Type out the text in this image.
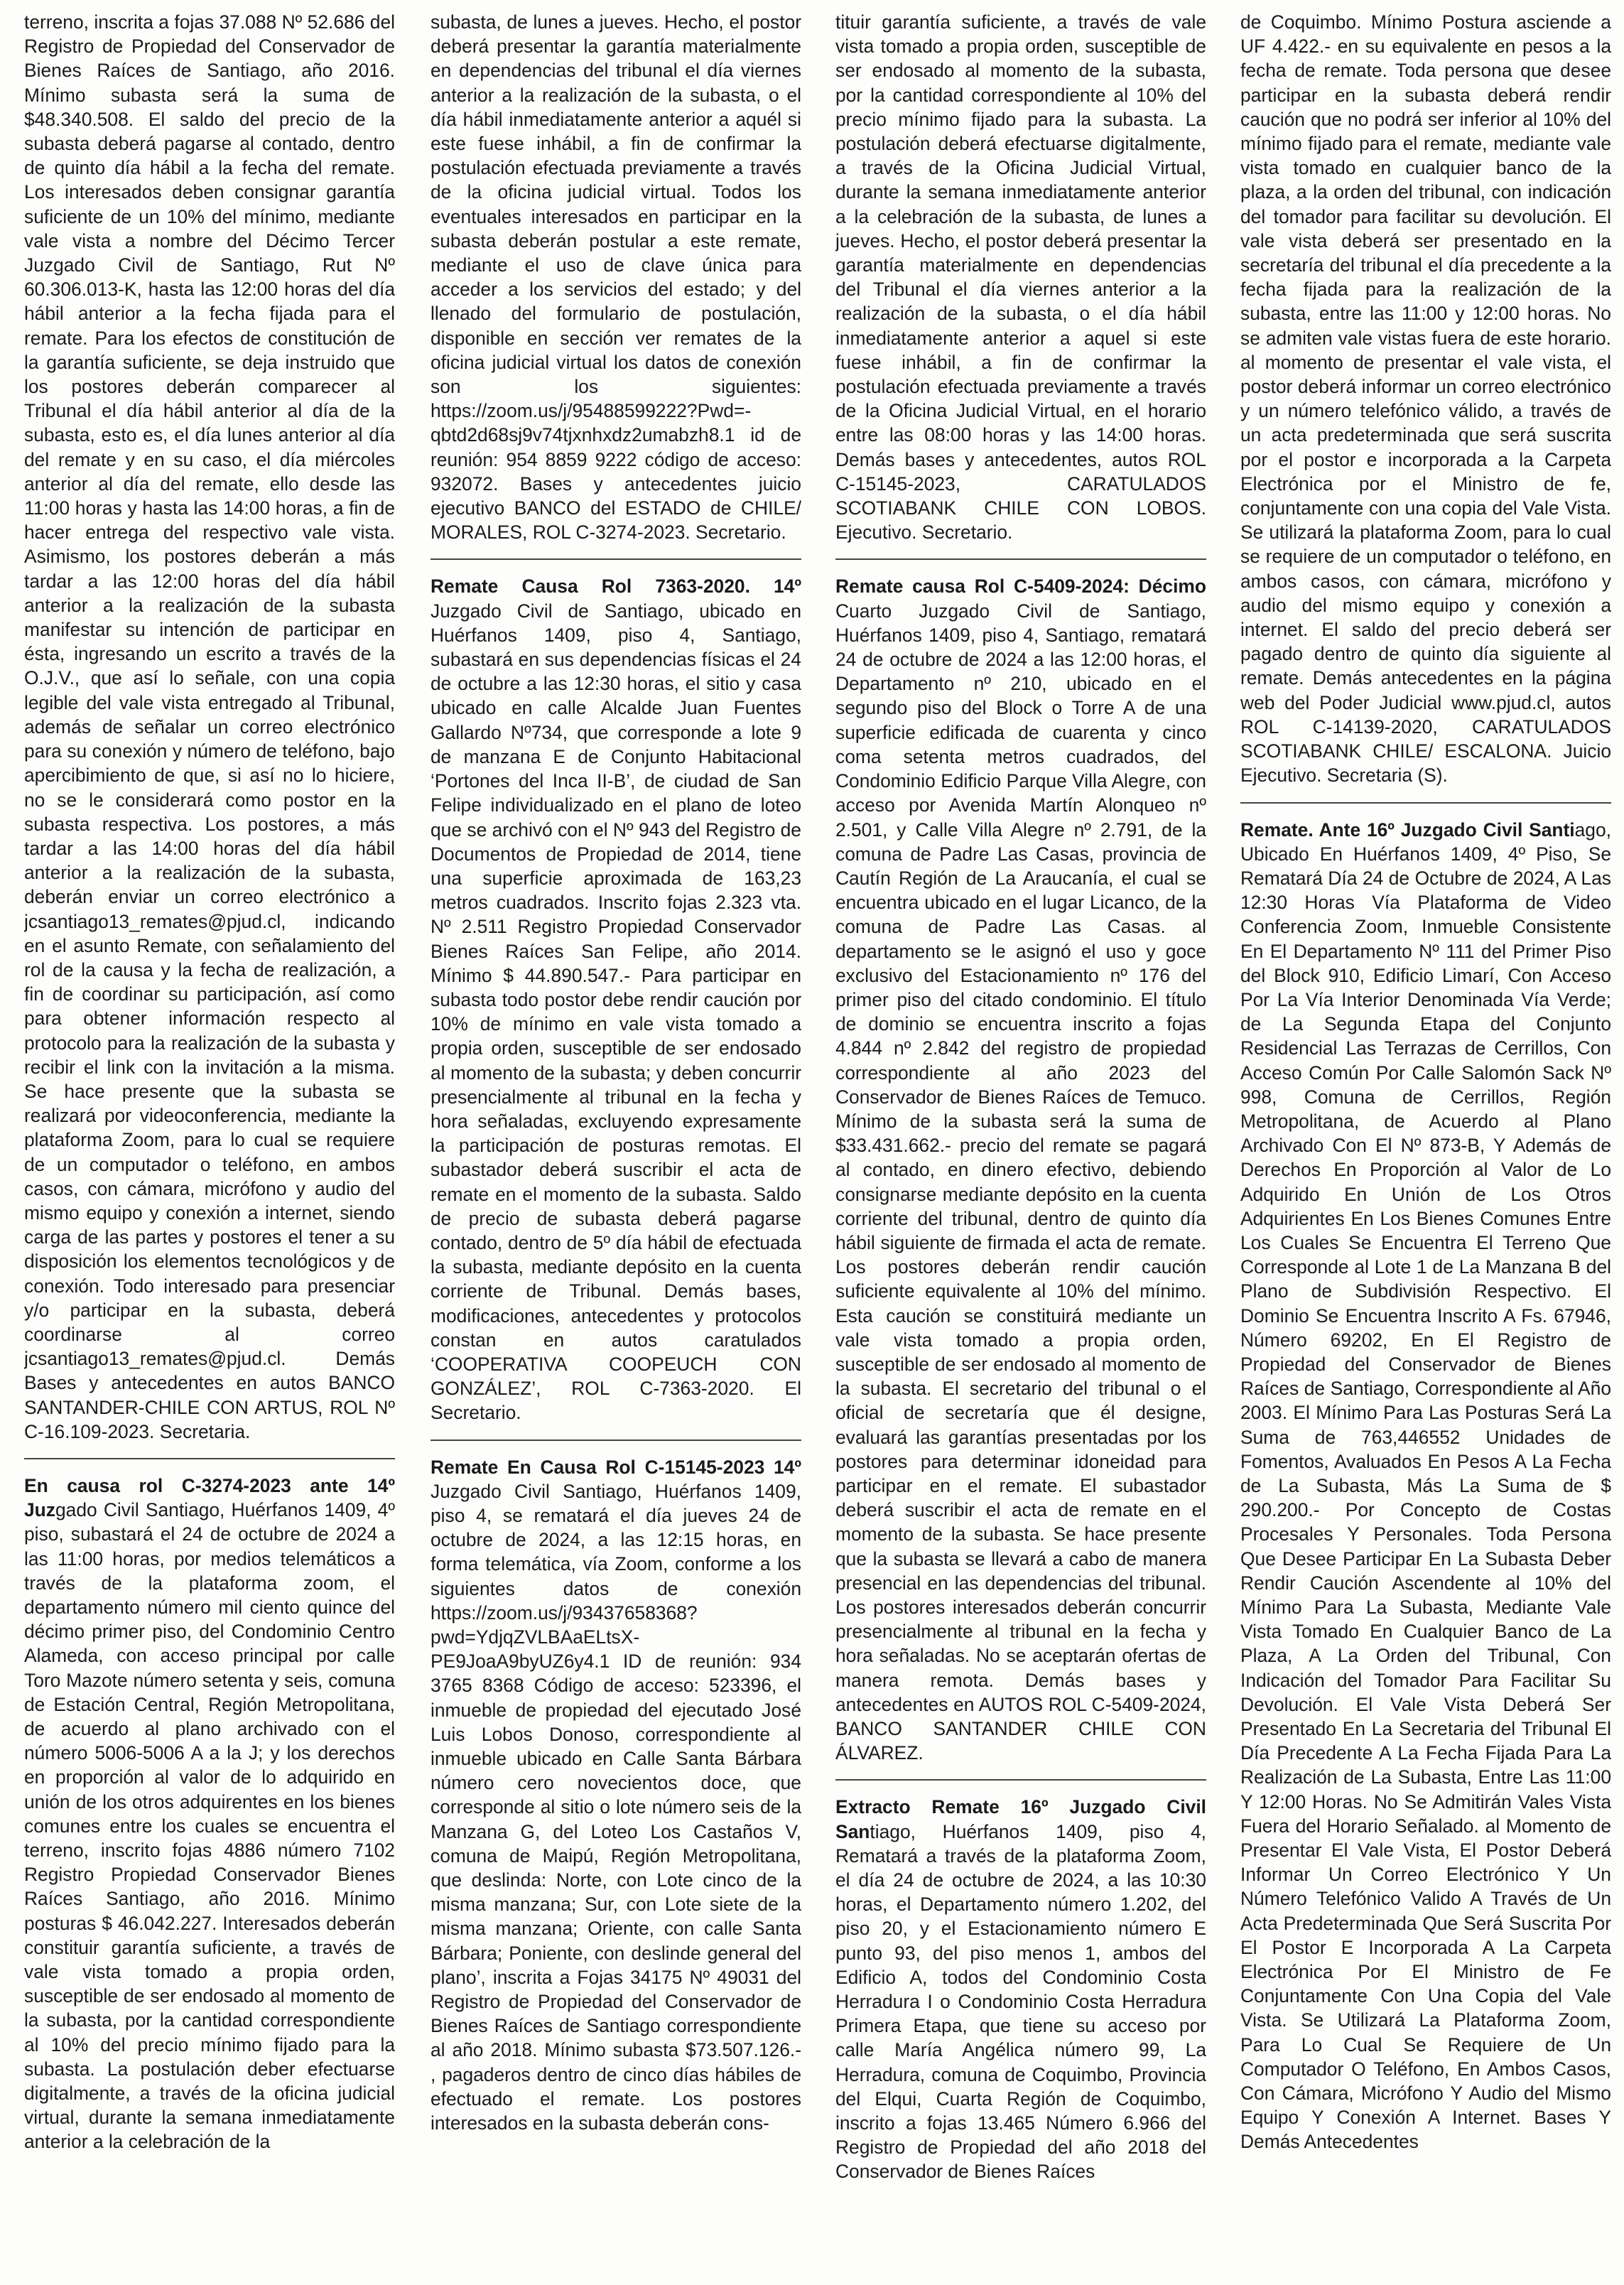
terreno, inscrita a fojas 37.088 Nº 52.686 del Registro de Propiedad del Conservador de Bienes Raíces de Santiago, año 2016. Mínimo subasta será la suma de $48.340.508. El saldo del precio de la subasta deberá pagarse al contado, dentro de quinto día hábil a la fecha del remate. Los interesados deben consignar garantía suficiente de un 10% del mínimo, mediante vale vista a nombre del Décimo Tercer Juzgado Civil de Santiago, Rut Nº 60.306.013-K, hasta las 12:00 horas del día hábil anterior a la fecha fijada para el remate. Para los efectos de constitución de la garantía suficiente, se deja instruido que los postores deberán comparecer al Tribunal el día hábil anterior al día de la subasta, esto es, el día lunes anterior al día del remate y en su caso, el día miércoles anterior al día del remate, ello desde las 11:00 horas y hasta las 14:00 horas, a fin de hacer entrega del respectivo vale vista. Asimismo, los postores deberán a más tardar a las 12:00 horas del día hábil anterior a la realización de la subasta manifestar su intención de participar en ésta, ingresando un escrito a través de la O.J.V., que así lo señale, con una copia legible del vale vista entregado al Tribunal, además de señalar un correo electrónico para su conexión y número de teléfono, bajo apercibimiento de que, si así no lo hiciere, no se le considerará como postor en la subasta respectiva. Los postores, a más tardar a las 14:00 horas del día hábil anterior a la realización de la subasta, deberán enviar un correo electrónico a jcsantiago13_remates@pjud.cl, indicando en el asunto Remate, con señalamiento del rol de la causa y la fecha de realización, a fin de coordinar su participación, así como para obtener información respecto al protocolo para la realización de la subasta y recibir el link con la invitación a la misma. Se hace presente que la subasta se realizará por videoconferencia, mediante la plataforma Zoom, para lo cual se requiere de un computador o teléfono, en ambos casos, con cámara, micrófono y audio del mismo equipo y conexión a internet, siendo carga de las partes y postores el tener a su disposición los elementos tecnológicos y de conexión. Todo interesado para presenciar y/o participar en la subasta, deberá coordinarse al correo jcsantiago13_remates@pjud.cl. Demás Bases y antecedentes en autos BANCO SANTANDER-CHILE CON ARTUS, ROL Nº C-16.109-2023. Secretaria.

En causa rol C-3274-2023 ante 14º Juzgado Civil Santiago, Huérfanos 1409, 4º piso, subastará el 24 de octubre de 2024 a las 11:00 horas, por medios telemáticos a través de la plataforma zoom, el departamento número mil ciento quince del décimo primer piso, del Condominio Centro Alameda, con acceso principal por calle Toro Mazote número setenta y seis, comuna de Estación Central, Región Metropolitana, de acuerdo al plano archivado con el número 5006-5006 A a la J; y los derechos en proporción al valor de lo adquirido en unión de los otros adquirentes en los bienes comunes entre los cuales se encuentra el terreno, inscrito fojas 4886 número 7102 Registro Propiedad Conservador Bienes Raíces Santiago, año 2016. Mínimo posturas $ 46.042.227. Interesados deberán constituir garantía suficiente, a través de vale vista tomado a propia orden, susceptible de ser endosado al momento de la subasta, por la cantidad correspondiente al 10% del precio mínimo fijado para la subasta. La postulación deber efectuarse digitalmente, a través de la oficina judicial virtual, durante la semana inmediatamente anterior a la celebración de la

subasta, de lunes a jueves. Hecho, el postor deberá presentar la garantía materialmente en dependencias del tribunal el día viernes anterior a la realización de la subasta, o el día hábil inmediatamente anterior a aquél si este fuese inhábil, a fin de confirmar la postulación efectuada previamente a través de la oficina judicial virtual. Todos los eventuales interesados en participar en la subasta deberán postular a este remate, mediante el uso de clave única para acceder a los servicios del estado; y del llenado del formulario de postulación, disponible en sección ver remates de la oficina judicial virtual los datos de conexión son los siguientes: https://zoom.us/j/95488599222?Pwd=-qbtd2d68sj9v74tjxnhxdz2umabzh8.1 id de reunión: 954 8859 9222 código de acceso: 932072. Bases y antecedentes juicio ejecutivo BANCO del ESTADO de CHILE/ MORALES, ROL C-3274-2023. Secretario.

Remate Causa Rol 7363-2020. 14º Juzgado Civil de Santiago, ubicado en Huérfanos 1409, piso 4, Santiago, subastará en sus dependencias físicas el 24 de octubre a las 12:30 horas, el sitio y casa ubicado en calle Alcalde Juan Fuentes Gallardo Nº734, que corresponde a lote 9 de manzana E de Conjunto Habitacional ‘Portones del Inca II-B’, de ciudad de San Felipe individualizado en el plano de loteo que se archivó con el Nº 943 del Registro de Documentos de Propiedad de 2014, tiene una superficie aproximada de 163,23 metros cuadrados. Inscrito fojas 2.323 vta. Nº 2.511 Registro Propiedad Conservador Bienes Raíces San Felipe, año 2014. Mínimo $ 44.890.547.- Para participar en subasta todo postor debe rendir caución por 10% de mínimo en vale vista tomado a propia orden, susceptible de ser endosado al momento de la subasta; y deben concurrir presencialmente al tribunal en la fecha y hora señaladas, excluyendo expresamente la participación de posturas remotas. El subastador deberá suscribir el acta de remate en el momento de la subasta. Saldo de precio de subasta deberá pagarse contado, dentro de 5º día hábil de efectuada la subasta, mediante depósito en la cuenta corriente de Tribunal. Demás bases, modificaciones, antecedentes y protocolos constan en autos caratulados ‘COOPERATIVA COOPEUCH CON GONZÁLEZ’, ROL C-7363-2020. El Secretario.

Remate En Causa Rol C-15145-2023 14º Juzgado Civil Santiago, Huérfanos 1409, piso 4, se rematará el día jueves 24 de octubre de 2024, a las 12:15 horas, en forma telemática, vía Zoom, conforme a los siguientes datos de conexión https://zoom.us/j/93437658368?pwd=YdjqZVLBAaELtsX-PE9JoaA9byUZ6y4.1 ID de reunión: 934 3765 8368 Código de acceso: 523396, el inmueble de propiedad del ejecutado José Luis Lobos Donoso, correspondiente al inmueble ubicado en Calle Santa Bárbara número cero novecientos doce, que corresponde al sitio o lote número seis de la Manzana G, del Loteo Los Castaños V, comuna de Maipú, Región Metropolitana, que deslinda: Norte, con Lote cinco de la misma manzana; Sur, con Lote siete de la misma manzana; Oriente, con calle Santa Bárbara; Poniente, con deslinde general del plano’, inscrita a Fojas 34175 Nº 49031 del Registro de Propiedad del Conservador de Bienes Raíces de Santiago correspondiente al año 2018. Mínimo subasta $73.507.126.- , pagaderos dentro de cinco días hábiles de efectuado el remate. Los postores interesados en la subasta deberán cons-

tituir garantía suficiente, a través de vale vista tomado a propia orden, susceptible de ser endosado al momento de la subasta, por la cantidad correspondiente al 10% del precio mínimo fijado para la subasta. La postulación deberá efectuarse digitalmente, a través de la Oficina Judicial Virtual, durante la semana inmediatamente anterior a la celebración de la subasta, de lunes a jueves. Hecho, el postor deberá presentar la garantía materialmente en dependencias del Tribunal el día viernes anterior a la realización de la subasta, o el día hábil inmediatamente anterior a aquel si este fuese inhábil, a fin de confirmar la postulación efectuada previamente a través de la Oficina Judicial Virtual, en el horario entre las 08:00 horas y las 14:00 horas. Demás bases y antecedentes, autos ROL C-15145-2023, CARATULADOS SCOTIABANK CHILE CON LOBOS. Ejecutivo. Secretario.

Remate causa Rol C-5409-2024: Décimo Cuarto Juzgado Civil de Santiago, Huérfanos 1409, piso 4, Santiago, rematará 24 de octubre de 2024 a las 12:00 horas, el Departamento nº 210, ubicado en el segundo piso del Block o Torre A de una superficie edificada de cuarenta y cinco coma setenta metros cuadrados, del Condominio Edificio Parque Villa Alegre, con acceso por Avenida Martín Alonqueo nº 2.501, y Calle Villa Alegre nº 2.791, de la comuna de Padre Las Casas, provincia de Cautín Región de La Araucanía, el cual se encuentra ubicado en el lugar Licanco, de la comuna de Padre Las Casas. al departamento se le asignó el uso y goce exclusivo del Estacionamiento nº 176 del primer piso del citado condominio. El título de dominio se encuentra inscrito a fojas 4.844 nº 2.842 del registro de propiedad correspondiente al año 2023 del Conservador de Bienes Raíces de Temuco. Mínimo de la subasta será la suma de $33.431.662.- precio del remate se pagará al contado, en dinero efectivo, debiendo consignarse mediante depósito en la cuenta corriente del tribunal, dentro de quinto día hábil siguiente de firmada el acta de remate. Los postores deberán rendir caución suficiente equivalente al 10% del mínimo. Esta caución se constituirá mediante un vale vista tomado a propia orden, susceptible de ser endosado al momento de la subasta. El secretario del tribunal o el oficial de secretaría que él designe, evaluará las garantías presentadas por los postores para determinar idoneidad para participar en el remate. El subastador deberá suscribir el acta de remate en el momento de la subasta. Se hace presente que la subasta se llevará a cabo de manera presencial en las dependencias del tribunal. Los postores interesados deberán concurrir presencialmente al tribunal en la fecha y hora señaladas. No se aceptarán ofertas de manera remota. Demás bases y antecedentes en AUTOS ROL C-5409-2024, BANCO SANTANDER CHILE CON ÁLVAREZ.

Extracto Remate 16º Juzgado Civil Santiago, Huérfanos 1409, piso 4, Rematará a través de la plataforma Zoom, el día 24 de octubre de 2024, a las 10:30 horas, el Departamento número 1.202, del piso 20, y el Estacionamiento número E punto 93, del piso menos 1, ambos del Edificio A, todos del Condominio Costa Herradura I o Condominio Costa Herradura Primera Etapa, que tiene su acceso por calle María Angélica número 99, La Herradura, comuna de Coquimbo, Provincia del Elqui, Cuarta Región de Coquimbo, inscrito a fojas 13.465 Número 6.966 del Registro de Propiedad del año 2018 del Conservador de Bienes Raíces

de Coquimbo. Mínimo Postura asciende a UF 4.422.- en su equivalente en pesos a la fecha de remate. Toda persona que desee participar en la subasta deberá rendir caución que no podrá ser inferior al 10% del mínimo fijado para el remate, mediante vale vista tomado en cualquier banco de la plaza, a la orden del tribunal, con indicación del tomador para facilitar su devolución. El vale vista deberá ser presentado en la secretaría del tribunal el día precedente a la fecha fijada para la realización de la subasta, entre las 11:00 y 12:00 horas. No se admiten vale vistas fuera de este horario. al momento de presentar el vale vista, el postor deberá informar un correo electrónico y un número telefónico válido, a través de un acta predeterminada que será suscrita por el postor e incorporada a la Carpeta Electrónica por el Ministro de fe, conjuntamente con una copia del Vale Vista. Se utilizará la plataforma Zoom, para lo cual se requiere de un computador o teléfono, en ambos casos, con cámara, micrófono y audio del mismo equipo y conexión a internet. El saldo del precio deberá ser pagado dentro de quinto día siguiente al remate. Demás antecedentes en la página web del Poder Judicial www.pjud.cl, autos ROL C-14139-2020, CARATULADOS SCOTIABANK CHILE/ ESCALONA. Juicio Ejecutivo. Secretaria (S).

Remate. Ante 16º Juzgado Civil Santiago, Ubicado En Huérfanos 1409, 4º Piso, Se Rematará Día 24 de Octubre de 2024, A Las 12:30 Horas Vía Plataforma de Video Conferencia Zoom, Inmueble Consistente En El Departamento Nº 111 del Primer Piso del Block 910, Edificio Limarí, Con Acceso Por La Vía Interior Denominada Vía Verde; de La Segunda Etapa del Conjunto Residencial Las Terrazas de Cerrillos, Con Acceso Común Por Calle Salomón Sack Nº 998, Comuna de Cerrillos, Región Metropolitana, de Acuerdo al Plano Archivado Con El Nº 873-B, Y Además de Derechos En Proporción al Valor de Lo Adquirido En Unión de Los Otros Adquirientes En Los Bienes Comunes Entre Los Cuales Se Encuentra El Terreno Que Corresponde al Lote 1 de La Manzana B del Plano de Subdivisión Respectivo. El Dominio Se Encuentra Inscrito A Fs. 67946, Número 69202, En El Registro de Propiedad del Conservador de Bienes Raíces de Santiago, Correspondiente al Año 2003. El Mínimo Para Las Posturas Será La Suma de 763,446552 Unidades de Fomentos, Avaluados En Pesos A La Fecha de La Subasta, Más La Suma de $ 290.200.- Por Concepto de Costas Procesales Y Personales. Toda Persona Que Desee Participar En La Subasta Deber Rendir Caución Ascendente al 10% del Mínimo Para La Subasta, Mediante Vale Vista Tomado En Cualquier Banco de La Plaza, A La Orden del Tribunal, Con Indicación del Tomador Para Facilitar Su Devolución. El Vale Vista Deberá Ser Presentado En La Secretaria del Tribunal El Día Precedente A La Fecha Fijada Para La Realización de La Subasta, Entre Las 11:00 Y 12:00 Horas. No Se Admitirán Vales Vista Fuera del Horario Señalado. al Momento de Presentar El Vale Vista, El Postor Deberá Informar Un Correo Electrónico Y Un Número Telefónico Valido A Través de Un Acta Predeterminada Que Será Suscrita Por El Postor E Incorporada A La Carpeta Electrónica Por El Ministro de Fe Conjuntamente Con Una Copia del Vale Vista. Se Utilizará La Plataforma Zoom, Para Lo Cual Se Requiere de Un Computador O Teléfono, En Ambos Casos, Con Cámara, Micrófono Y Audio del Mismo Equipo Y Conexión A Internet. Bases Y Demás Antecedentes
